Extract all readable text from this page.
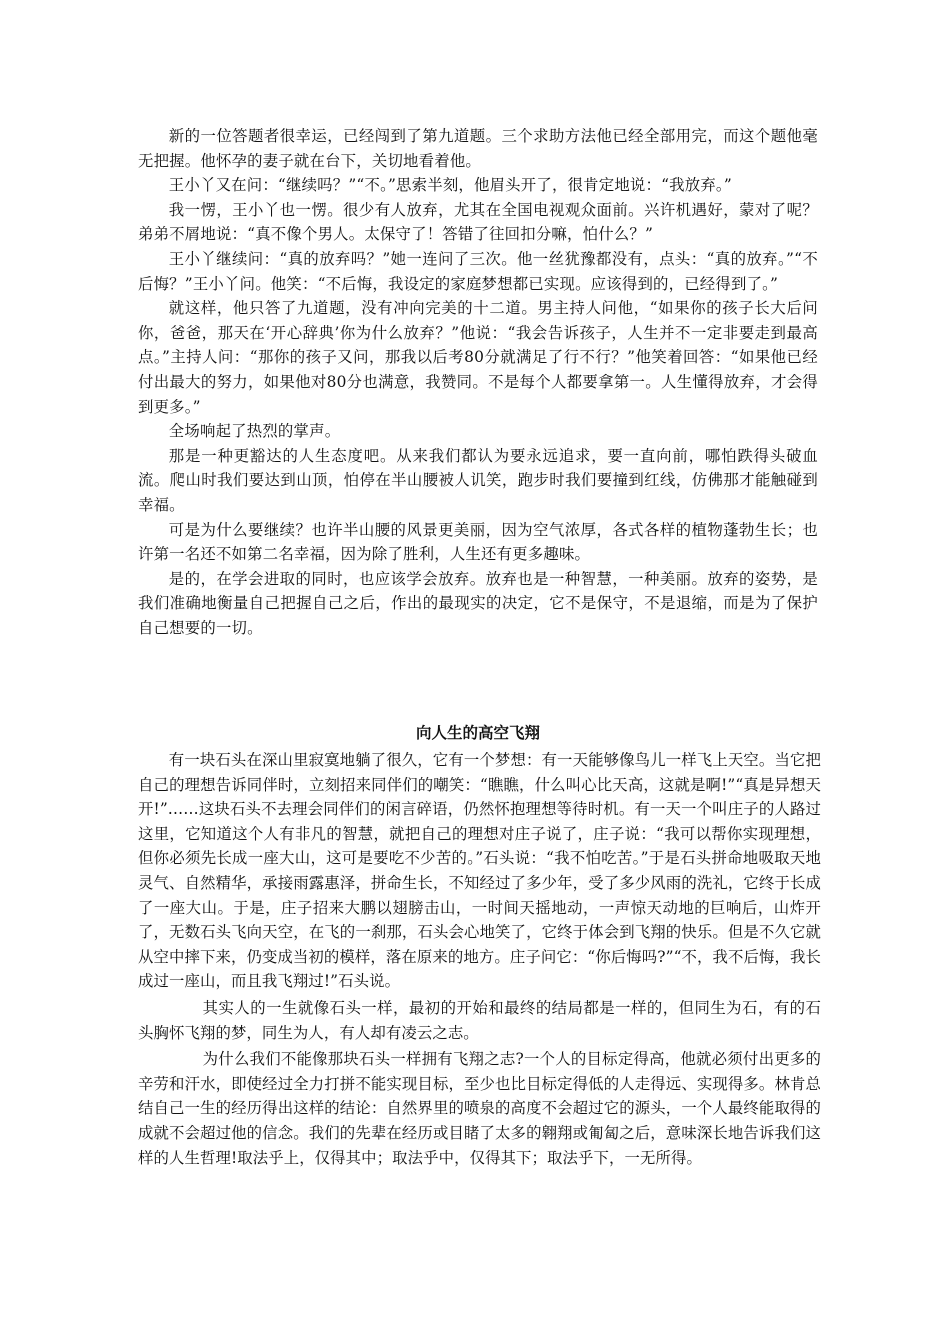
新的一位答题者很幸运，已经闯到了第九道题。三个求助方法他已经全部用完，而这个题他毫无把握。他怀孕的妻子就在台下，关切地看着他。

王小丫又在问：“继续吗？”“不。”思索半刻，他眉头开了，很肯定地说：“我放弃。”

我一愣，王小丫也一愣。很少有人放弃，尤其在全国电视观众面前。兴许机遇好，蒙对了呢？弟弟不屑地说：“真不像个男人。太保守了！答错了往回扣分嘛，怕什么？”

王小丫继续问：“真的放弃吗？”她一连问了三次。他一丝犹豫都没有，点头：“真的放弃。”“不后悔？”王小丫问。他笑：“不后悔，我设定的家庭梦想都已实现。应该得到的，已经得到了。”

就这样，他只答了九道题，没有冲向完美的十二道。男主持人问他，“如果你的孩子长大后问你，爸爸，那天在‘开心辞典’你为什么放弃？”他说：“我会告诉孩子，人生并不一定非要走到最高点。”主持人问：“那你的孩子又问，那我以后考80分就满足了行不行？”他笑着回答：“如果他已经付出最大的努力，如果他对80分也满意，我赞同。不是每个人都要拿第一。人生懂得放弃，才会得到更多。”

全场响起了热烈的掌声。

那是一种更豁达的人生态度吧。从来我们都认为要永远追求，要一直向前，哪怕跌得头破血流。爬山时我们要达到山顶，怕停在半山腰被人讥笑，跑步时我们要撞到红线，仿佛那才能触碰到幸福。

可是为什么要继续？也许半山腰的风景更美丽，因为空气浓厚，各式各样的植物蓬勃生长；也许第一名还不如第二名幸福，因为除了胜利，人生还有更多趣味。

是的，在学会进取的同时，也应该学会放弃。放弃也是一种智慧，一种美丽。放弃的姿势，是我们准确地衡量自己把握自己之后，作出的最现实的决定，它不是保守，不是退缩，而是为了保护自己想要的一切。

向人生的高空飞翔

有一块石头在深山里寂寞地躺了很久，它有一个梦想：有一天能够像鸟儿一样飞上天空。当它把自己的理想告诉同伴时，立刻招来同伴们的嘲笑：“瞧瞧，什么叫心比天高，这就是啊!”“真是异想天开!”……这块石头不去理会同伴们的闲言碎语，仍然怀抱理想等待时机。有一天一个叫庄子的人路过这里，它知道这个人有非凡的智慧，就把自己的理想对庄子说了，庄子说：“我可以帮你实现理想，但你必须先长成一座大山，这可是要吃不少苦的。”石头说：“我不怕吃苦。”于是石头拼命地吸取天地灵气、自然精华，承接雨露惠泽，拼命生长，不知经过了多少年，受了多少风雨的洗礼，它终于长成了一座大山。于是，庄子招来大鹏以翅膀击山，一时间天摇地动，一声惊天动地的巨响后，山炸开了，无数石头飞向天空，在飞的一刹那，石头会心地笑了，它终于体会到飞翔的快乐。但是不久它就从空中摔下来，仍变成当初的模样，落在原来的地方。庄子问它：“你后悔吗?”“不，我不后悔，我长成过一座山，而且我飞翔过!”石头说。

其实人的一生就像石头一样，最初的开始和最终的结局都是一样的，但同生为石，有的石头胸怀飞翔的梦，同生为人，有人却有凌云之志。

为什么我们不能像那块石头一样拥有飞翔之志?一个人的目标定得高，他就必须付出更多的辛劳和汗水，即使经过全力打拼不能实现目标，至少也比目标定得低的人走得远、实现得多。林肯总结自己一生的经历得出这样的结论：自然界里的喷泉的高度不会超过它的源头，一个人最终能取得的成就不会超过他的信念。我们的先辈在经历或目睹了太多的翱翔或匍匐之后，意味深长地告诉我们这样的人生哲理!取法乎上，仅得其中；取法乎中，仅得其下；取法乎下，一无所得。
